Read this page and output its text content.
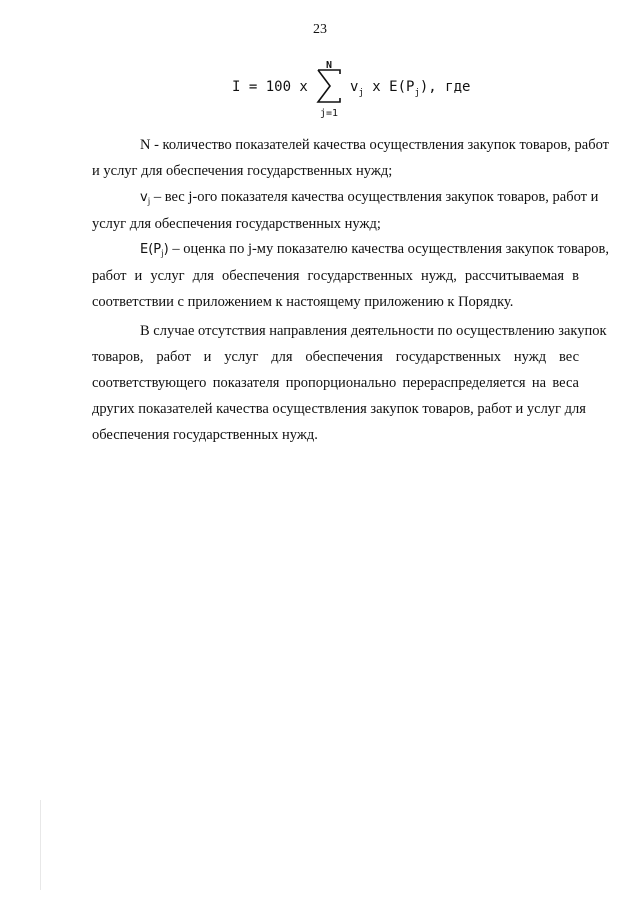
23
I = 100 x
N
j=1
$v_j$ x $E(P_j)$, где
N - количество показателей качества осуществления закупок товаров, работ
и услуг для обеспечения государственных нужд;
$v_j$ – вес j-ого показателя качества осуществления закупок товаров, работ и
услуг для обеспечения государственных нужд;
$E(P_j)$ – оценка по j-му показателю качества осуществления закупок товаров,
работ и услуг для обеспечения государственных нужд, рассчитываемая в
соответствии с приложением к настоящему приложению к Порядку.
В случае отсутствия направления деятельности по осуществлению закупок
товаров, работ и услуг для обеспечения государственных нужд вес
соответствующего показателя пропорционально перераспределяется на веса
других показателей качества осуществления закупок товаров, работ и услуг для
обеспечения государственных нужд.
